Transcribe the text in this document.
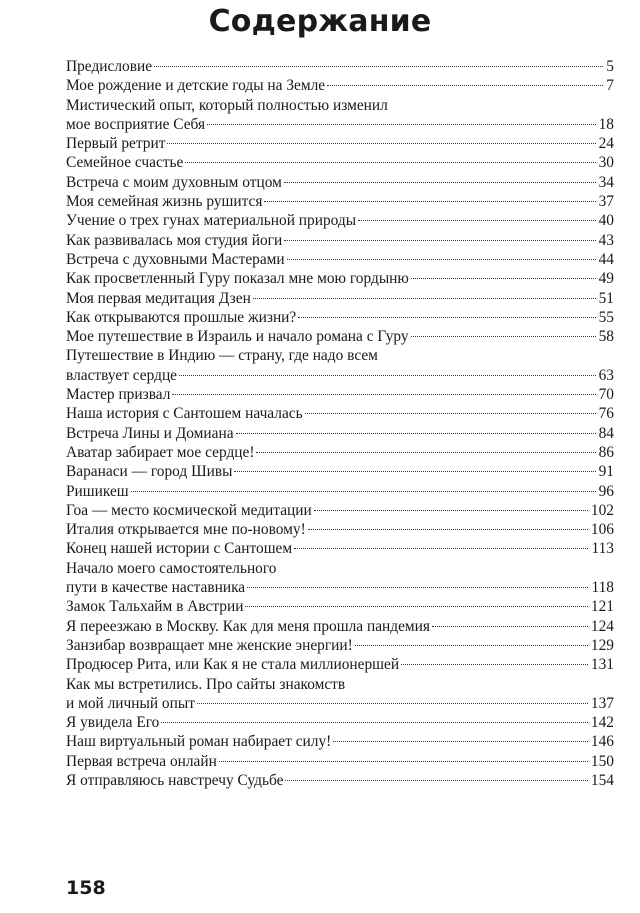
Содержание
Предисловие	5
Мое рождение и детские годы на Земле	7
Мистический опыт, который полностью изменил
мое восприятие Себя	18
Первый ретрит	24
Семейное счастье	30
Встреча с моим духовным отцом	34
Моя семейная жизнь рушится	37
Учение о трех гунах материальной природы	40
Как развивалась моя студия йоги	43
Встреча с духовными Мастерами	44
Как просветленный Гуру показал мне мою гордыню	49
Моя первая медитация Дзен	51
Как открываются прошлые жизни?	55
Мое путешествие в Израиль и начало романа с Гуру	58
Путешествие в Индию — страну, где надо всем
властвует сердце	63
Мастер призвал	70
Наша история с Сантошем началась	76
Встреча Лины и Домиана	84
Аватар забирает мое сердце!	86
Варанаси — город Шивы	91
Ришикеш	96
Гоа — место космической медитации	102
Италия открывается мне по-новому!	106
Конец нашей истории с Сантошем	113
Начало моего самостоятельного
пути в качестве наставника	118
Замок Тальхайм в Австрии	121
Я переезжаю в Москву. Как для меня прошла пандемия	124
Занзибар возвращает мне женские энергии!	129
Продюсер Рита, или Как я не стала миллионершей	131
Как мы встретились. Про сайты знакомств
и мой личный опыт	137
Я увидела Его	142
Наш виртуальный роман набирает силу!	146
Первая встреча онлайн	150
Я отправляюсь навстречу Судьбе	154
158
